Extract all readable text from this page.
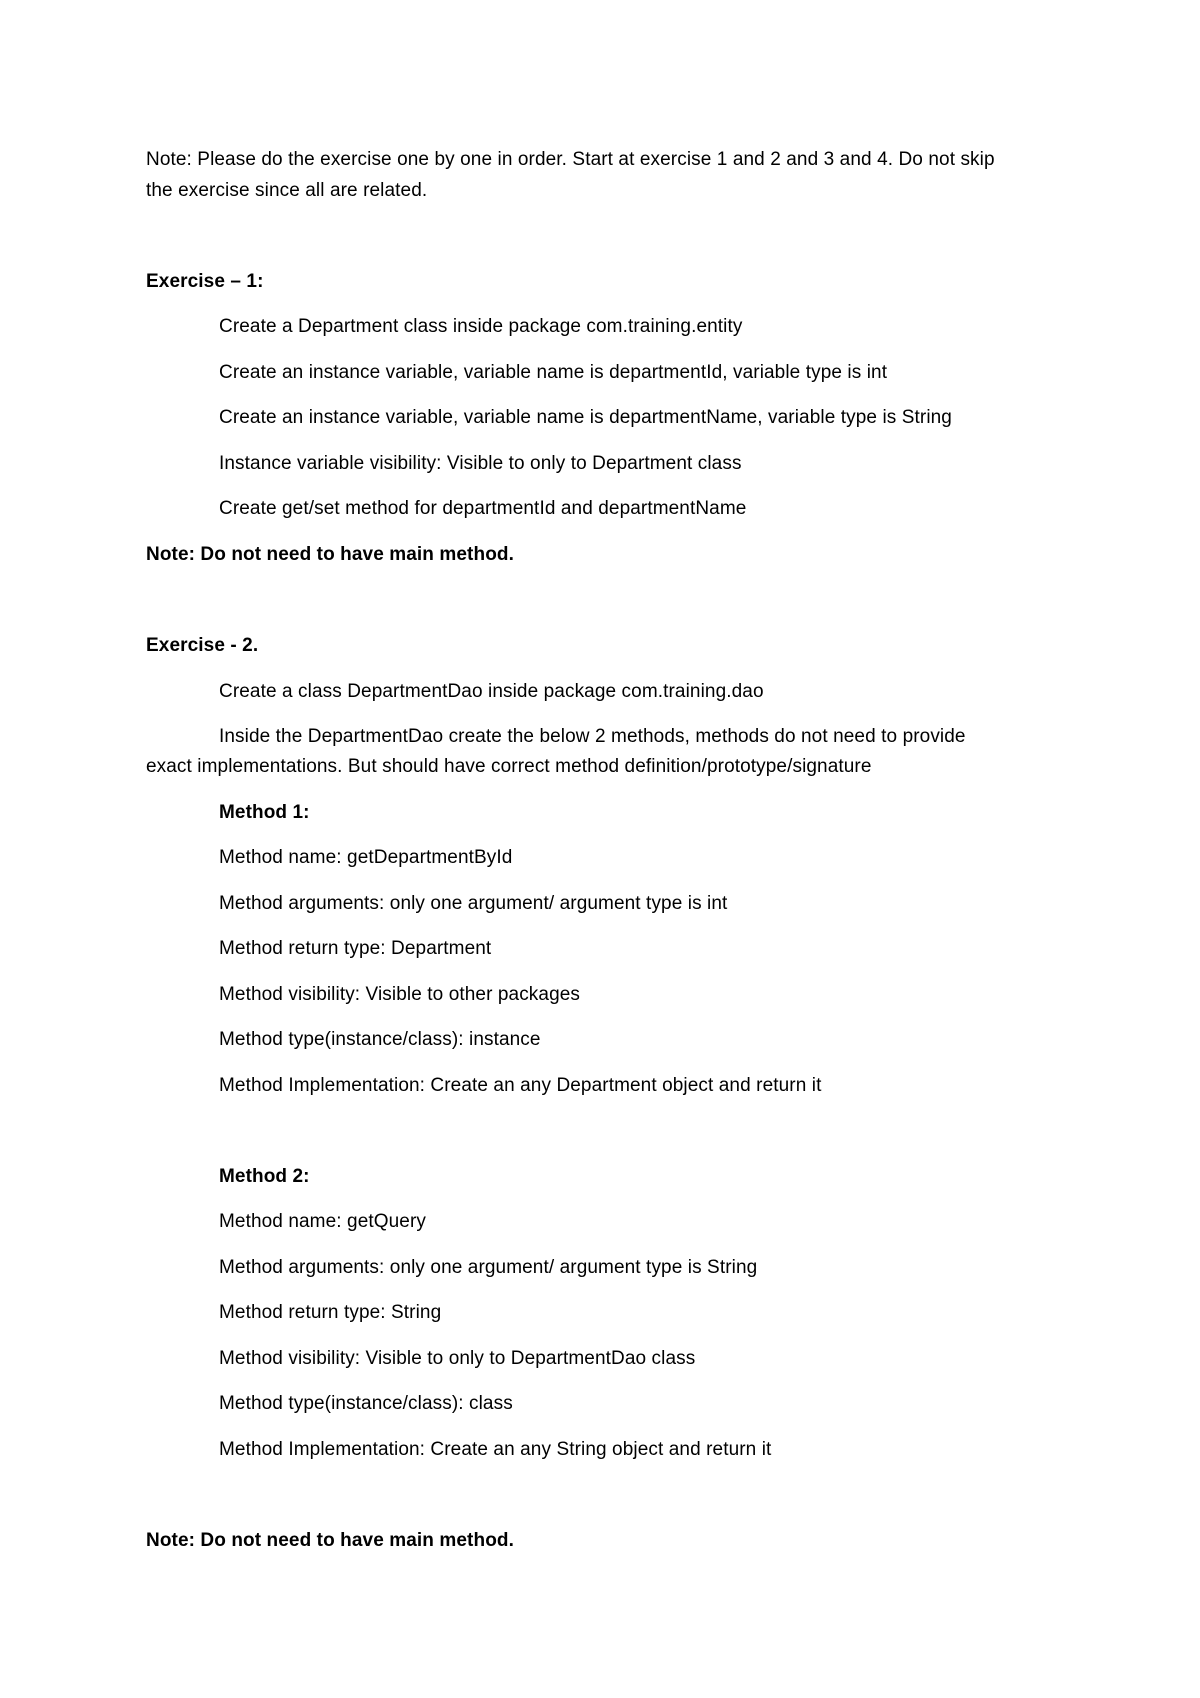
Note: Please do the exercise one by one in order. Start at exercise 1 and 2 and 3 and 4. Do not skip
the exercise since all are related.
Exercise – 1:
Create a Department class inside package com.training.entity
Create an instance variable, variable name is departmentId, variable type is int
Create an instance variable, variable name is departmentName, variable type is String
Instance variable visibility: Visible to only to Department class
Create get/set method for departmentId and departmentName
Note: Do not need to have main method.
Exercise - 2.
Create a class DepartmentDao inside package com.training.dao
Inside the DepartmentDao create the below 2 methods, methods do not need to provide
exact implementations. But should have correct method definition/prototype/signature
Method 1:
Method name: getDepartmentById
Method arguments: only one argument/ argument type is int
Method return type: Department
Method visibility: Visible to other packages
Method type(instance/class): instance
Method Implementation: Create an any Department object and return it
Method 2:
Method name: getQuery
Method arguments: only one argument/ argument type is String
Method return type: String
Method visibility: Visible to only to DepartmentDao class
Method type(instance/class): class
Method Implementation: Create an any String object and return it
Note: Do not need to have main method.
